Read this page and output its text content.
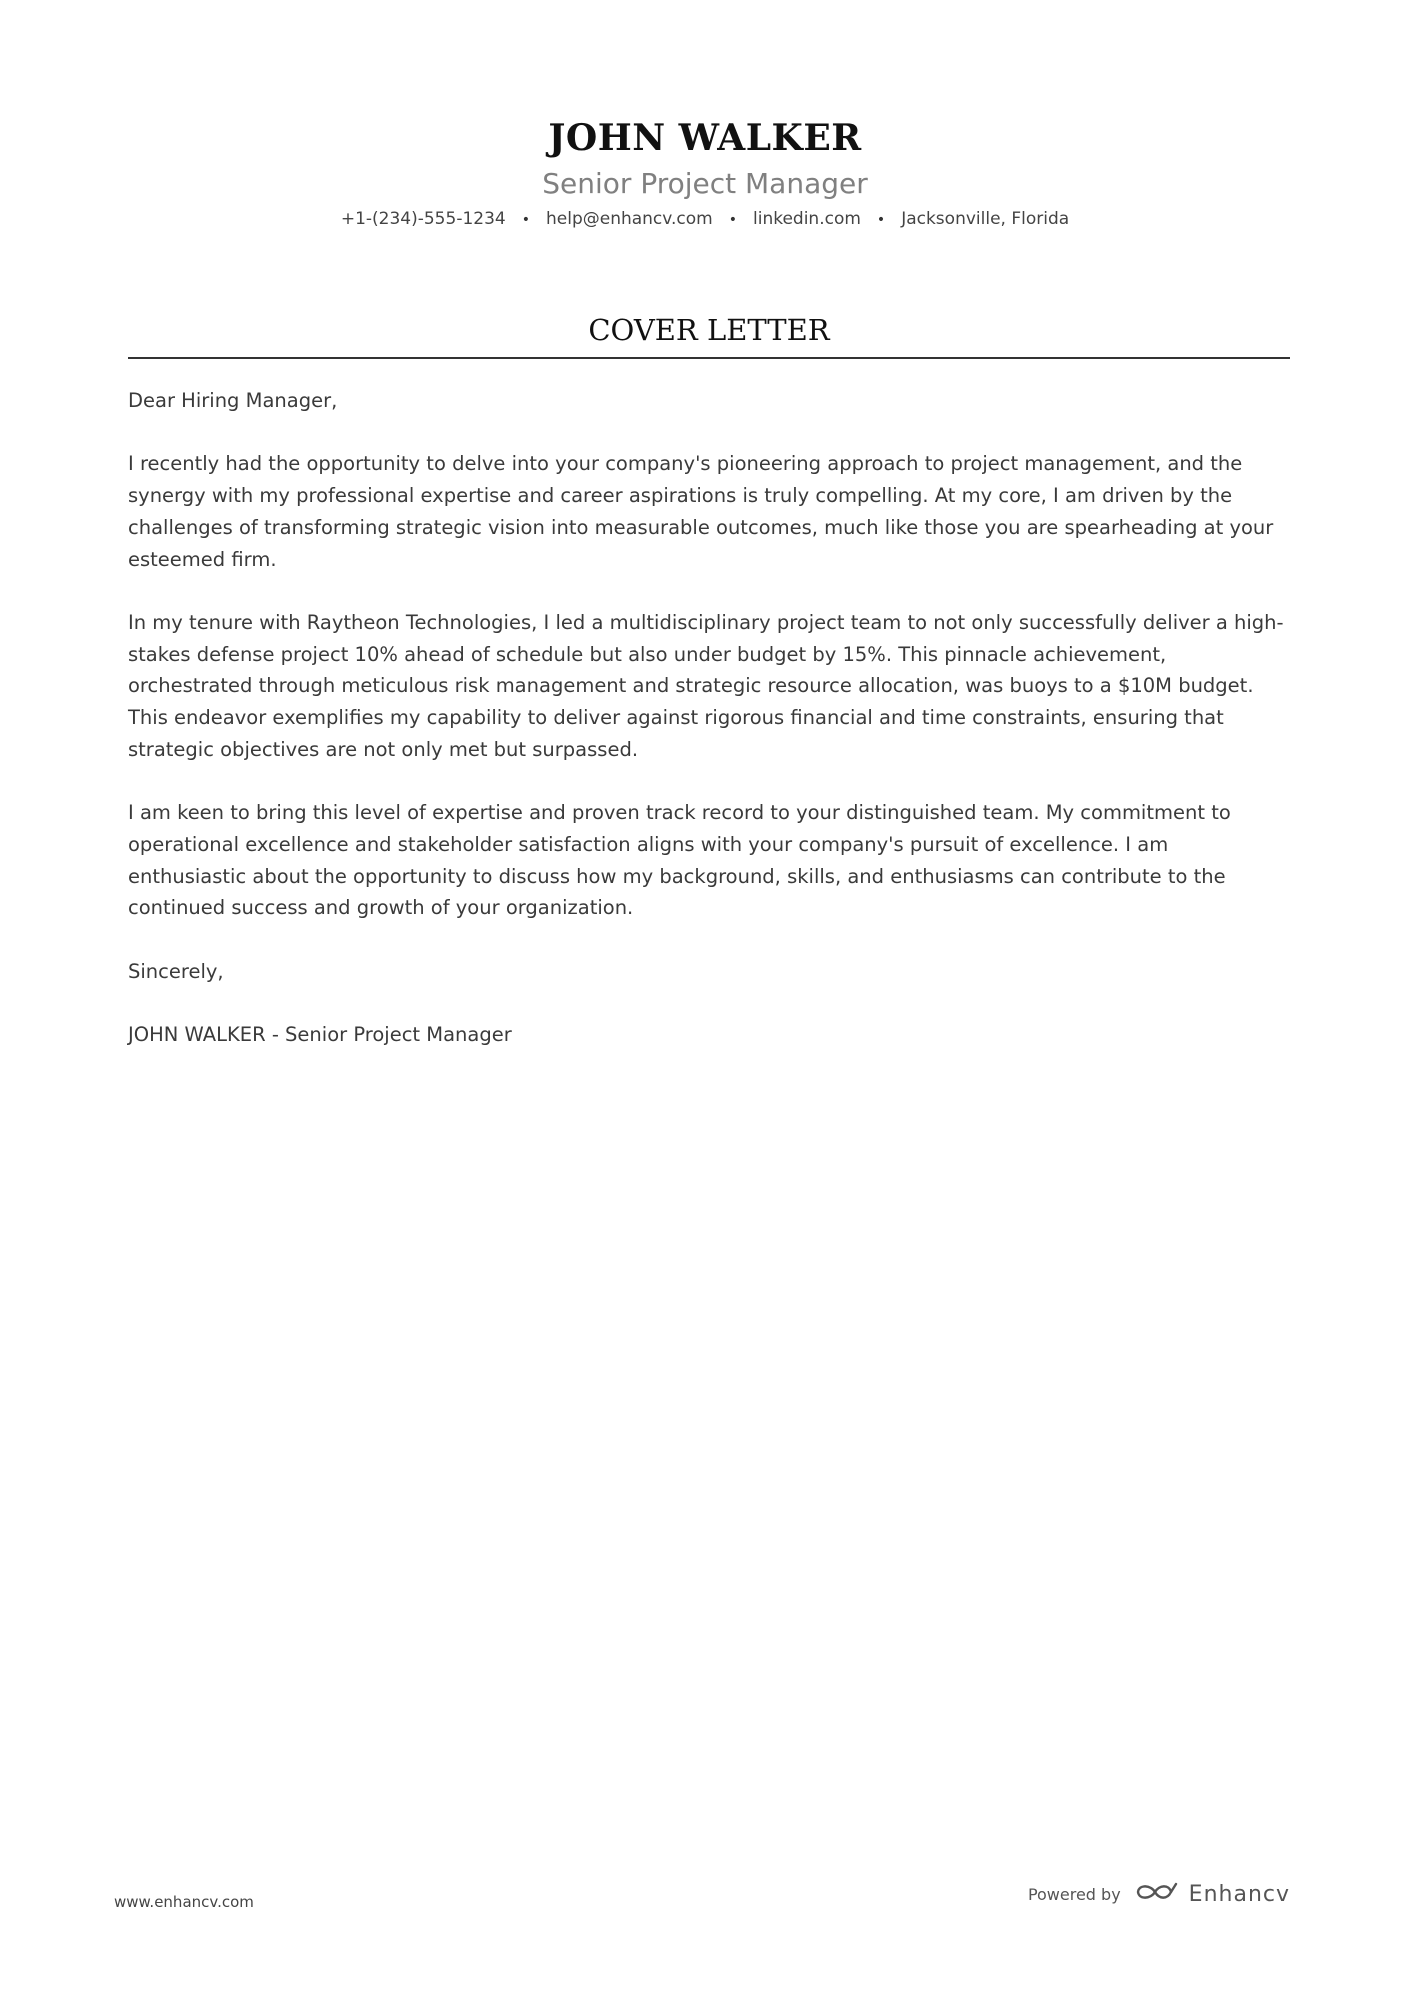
JOHN WALKER
Senior Project Manager
+1-(234)-555-1234 • help@enhancv.com • linkedin.com • Jacksonville, Florida
COVER LETTER

Dear Hiring Manager,

I recently had the opportunity to delve into your company's pioneering approach to project management, and the synergy with my professional expertise and career aspirations is truly compelling. At my core, I am driven by the challenges of transforming strategic vision into measurable outcomes, much like those you are spearheading at your esteemed firm.

In my tenure with Raytheon Technologies, I led a multidisciplinary project team to not only successfully deliver a high-stakes defense project 10% ahead of schedule but also under budget by 15%. This pinnacle achievement, orchestrated through meticulous risk management and strategic resource allocation, was buoys to a $10M budget. This endeavor exemplifies my capability to deliver against rigorous financial and time constraints, ensuring that strategic objectives are not only met but surpassed.

I am keen to bring this level of expertise and proven track record to your distinguished team. My commitment to operational excellence and stakeholder satisfaction aligns with your company's pursuit of excellence. I am enthusiastic about the opportunity to discuss how my background, skills, and enthusiasms can contribute to the continued success and growth of your organization.

Sincerely,

JOHN WALKER - Senior Project Manager

www.enhancv.com	Powered by	Enhancv
